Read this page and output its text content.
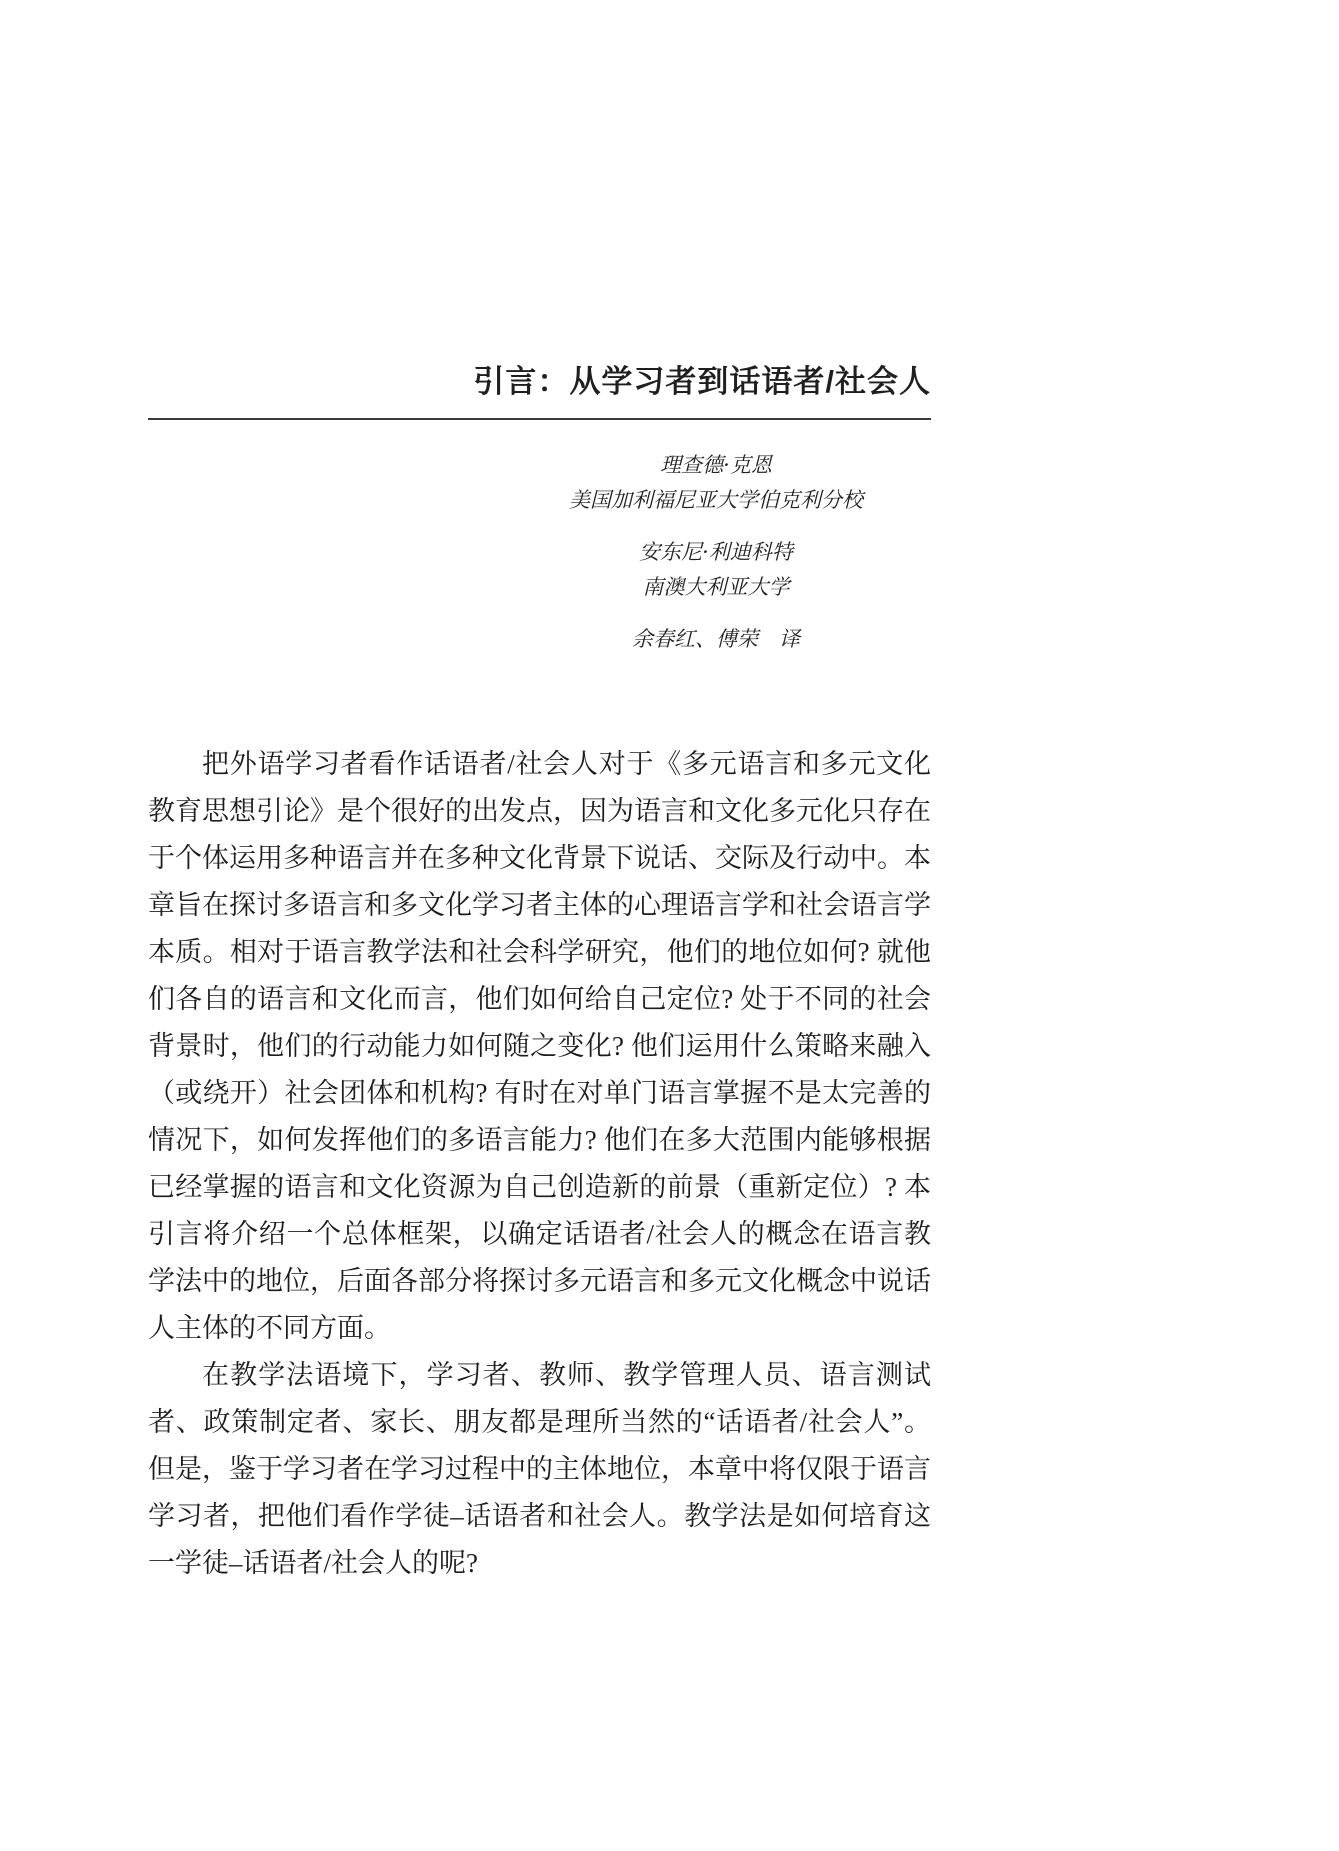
引言：从学习者到话语者/社会人

理查德·克恩

美国加利福尼亚大学伯克利分校

安东尼·利迪科特

南澳大利亚大学

余春红、傅荣　译

把外语学习者看作话语者/社会人对于《多元语言和多元文化教育思想引论》是个很好的出发点，因为语言和文化多元化只存在于个体运用多种语言并在多种文化背景下说话、交际及行动中。本章旨在探讨多语言和多文化学习者主体的心理语言学和社会语言学本质。相对于语言教学法和社会科学研究，他们的地位如何? 就他们各自的语言和文化而言，他们如何给自己定位? 处于不同的社会背景时，他们的行动能力如何随之变化? 他们运用什么策略来融入（或绕开）社会团体和机构? 有时在对单门语言掌握不是太完善的情况下，如何发挥他们的多语言能力? 他们在多大范围内能够根据已经掌握的语言和文化资源为自己创造新的前景（重新定位）? 本引言将介绍一个总体框架，以确定话语者/社会人的概念在语言教学法中的地位，后面各部分将探讨多元语言和多元文化概念中说话人主体的不同方面。

在教学法语境下，学习者、教师、教学管理人员、语言测试者、政策制定者、家长、朋友都是理所当然的“话语者/社会人”。但是，鉴于学习者在学习过程中的主体地位，本章中将仅限于语言学习者，把他们看作学徒–话语者和社会人。教学法是如何培育这一学徒–话语者/社会人的呢?
